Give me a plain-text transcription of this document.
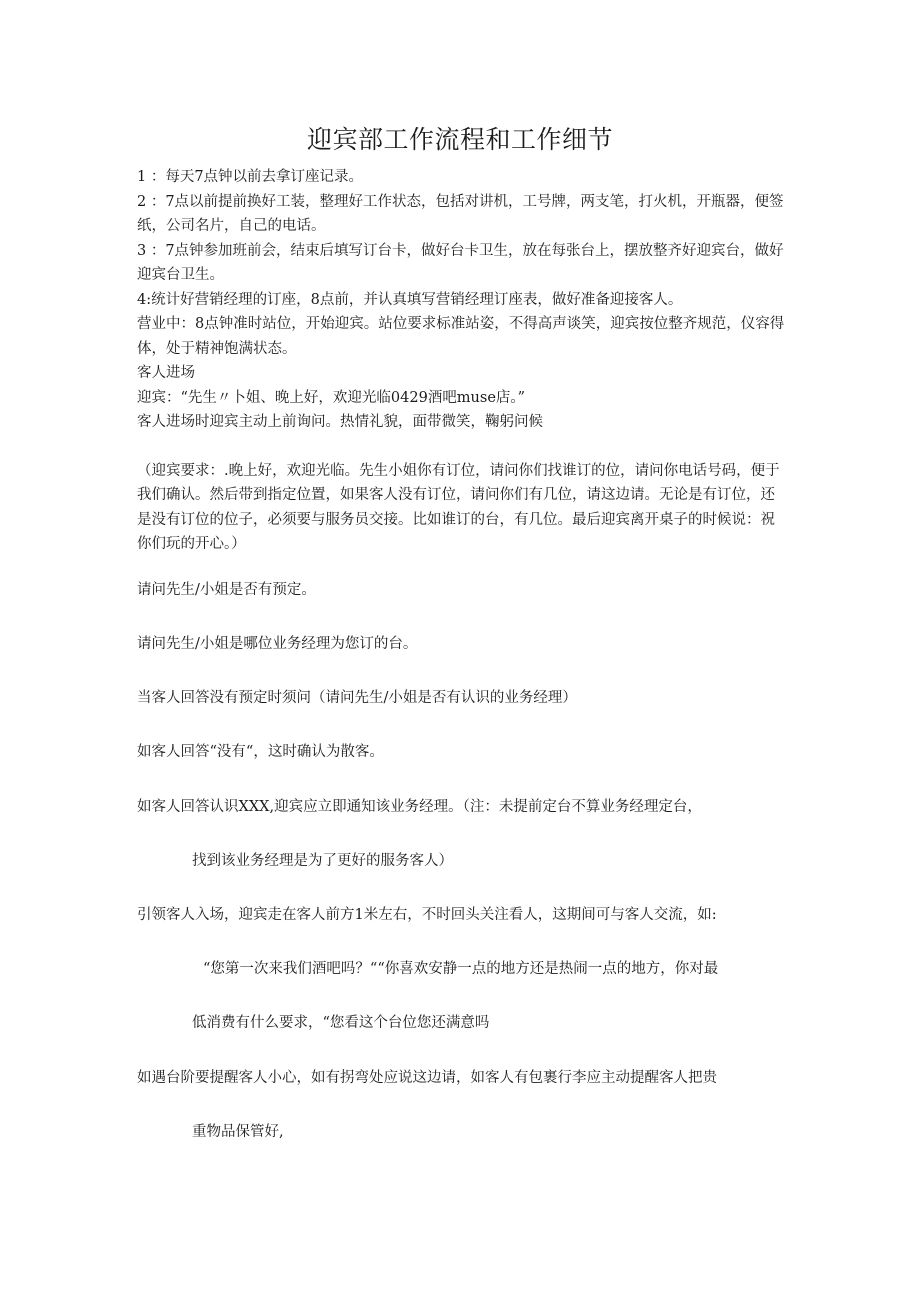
迎宾部工作流程和工作细节

1 ：每天7点钟以前去拿订座记录。

2 ：7点以前提前换好工装，整理好工作状态，包括对讲机，工号牌，两支笔，打火机，开瓶器，便签纸，公司名片，自己的电话。

3 ：7点钟参加班前会，结束后填写订台卡，做好台卡卫生，放在每张台上，摆放整齐好迎宾台，做好迎宾台卫生。

4:统计好营销经理的订座，8点前，并认真填写营销经理订座表，做好准备迎接客人。

营业中：8点钟准时站位，开始迎宾。站位要求标准站姿，不得高声谈笑，迎宾按位整齐规范，仪容得体，处于精神饱满状态。

客人进场

迎宾：“先生〃卜姐、晚上好，欢迎光临0429酒吧muse店。”

客人进场时迎宾主动上前询问。热情礼貌，面带微笑，鞠躬问候

（迎宾要求：.晚上好，欢迎光临。先生小姐你有订位，请问你们找谁订的位，请问你电话号码，便于我们确认。然后带到指定位置，如果客人没有订位，请问你们有几位，请这边请。无论是有订位，还是没有订位的位子，必须要与服务员交接。比如谁订的台，有几位。最后迎宾离开桌子的时候说：祝你们玩的开心。）

请问先生/小姐是否有预定。
请问先生/小姐是哪位业务经理为您订的台。
当客人回答没有预定时须问（请问先生/小姐是否有认识的业务经理）
如客人回答“没有“，这时确认为散客。
如客人回答认识XXX,迎宾应立即通知该业务经理。（注：未提前定台不算业务经理定台，
找到该业务经理是为了更好的服务客人）
引领客人入场，迎宾走在客人前方1米左右，不时回头关注看人，这期间可与客人交流，如:
“您第一次来我们酒吧吗？““你喜欢安静一点的地方还是热闹一点的地方，你对最
低消费有什么要求，“您看这个台位您还满意吗
如遇台阶要提醒客人小心，如有拐弯处应说这边请，如客人有包裹行李应主动提醒客人把贵
重物品保管好,
